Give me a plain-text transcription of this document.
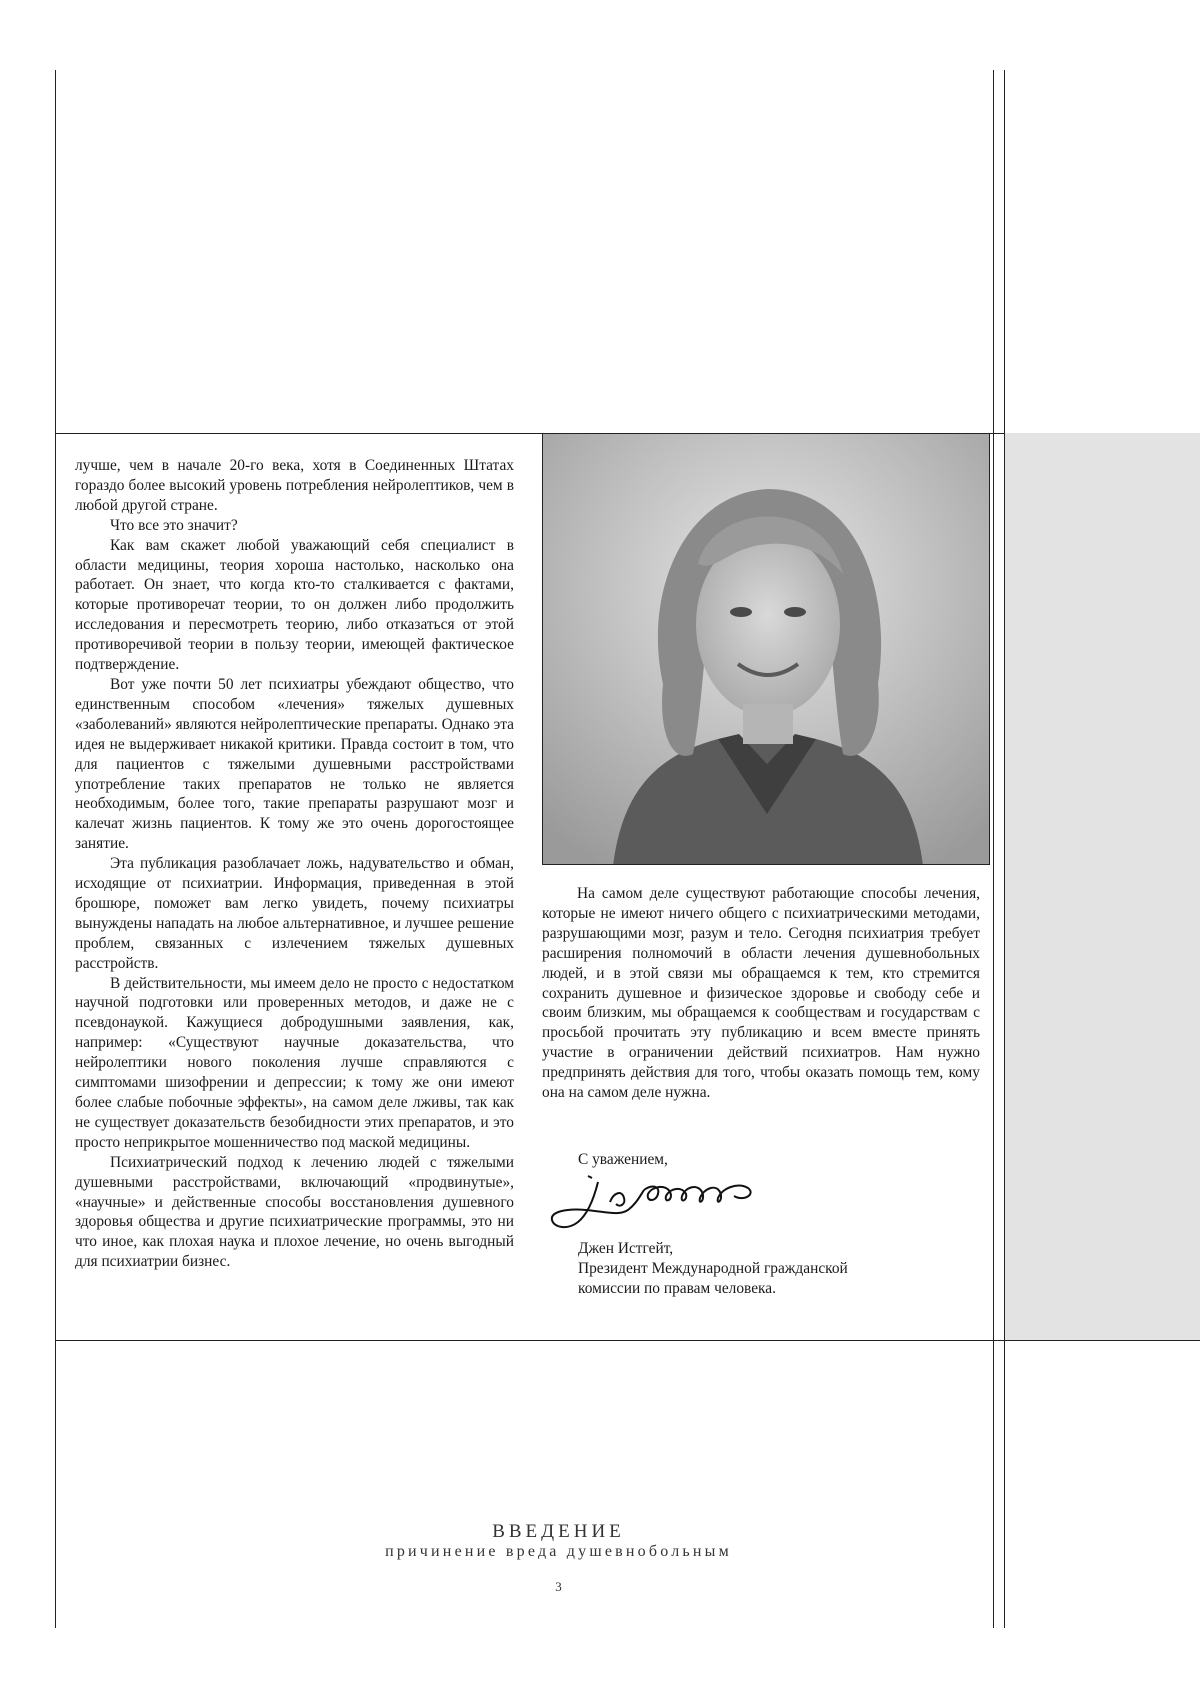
лучше, чем в начале 20-го века, хотя в Соединенных Штатах гораздо более высокий уровень потребления нейролептиков, чем в любой другой стране.

Что все это значит?

Как вам скажет любой уважающий себя специалист в области медицины, теория хороша настолько, насколько она работает. Он знает, что когда кто-то сталкивается с фактами, которые противоречат теории, то он должен либо продолжить исследования и пересмотреть теорию, либо отказаться от этой противоречивой теории в пользу теории, имеющей фактическое подтверждение.

Вот уже почти 50 лет психиатры убеждают общество, что единственным способом «лечения» тяжелых душевных «заболеваний» являются нейролептические препараты. Однако эта идея не выдерживает никакой критики. Правда состоит в том, что для пациентов с тяжелыми душевными расстройствами употребление таких препаратов не только не является необходимым, более того, такие препараты разрушают мозг и калечат жизнь пациентов. К тому же это очень дорогостоящее занятие.

Эта публикация разоблачает ложь, надувательство и обман, исходящие от психиатрии. Информация, приведенная в этой брошюре, поможет вам легко увидеть, почему психиатры вынуждены нападать на любое альтернативное, и лучшее решение проблем, связанных с излечением тяжелых душевных расстройств.

В действительности, мы имеем дело не просто с недостатком научной подготовки или проверенных методов, и даже не с псевдонаукой. Кажущиеся добродушными заявления, как, например: «Существуют научные доказательства, что нейролептики нового поколения лучше справляются с симптомами шизофрении и депрессии; к тому же они имеют более слабые побочные эффекты», на самом деле лживы, так как не существует доказательств безобидности этих препаратов, и это просто неприкрытое мошенничество под маской медицины.

Психиатрический подход к лечению людей с тяжелыми душевными расстройствами, включающий «продвинутые», «научные» и действенные способы восстановления душевного здоровья общества и другие психиатрические программы, это ни что иное, как плохая наука и плохое лечение, но очень выгодный для психиатрии бизнес.

На самом деле существуют работающие способы лечения, которые не имеют ничего общего с психиатрическими методами, разрушающими мозг, разум и тело. Сегодня психиатрия требует расширения полномочий в области лечения душевнобольных людей, и в этой связи мы обращаемся к тем, кто стремится сохранить душевное и физическое здоровье и свободу себе и своим близким, мы обращаемся к сообществам и государствам с просьбой прочитать эту публикацию и всем вместе принять участие в ограничении действий психиатров. Нам нужно предпринять действия для того, чтобы оказать помощь тем, кому она на самом деле нужна.

С уважением,
Джен Истгейт,
Президент Международной гражданской
комиссии по правам человека.
ВВЕДЕНИЕ
причинение вреда душевнобольным
3
